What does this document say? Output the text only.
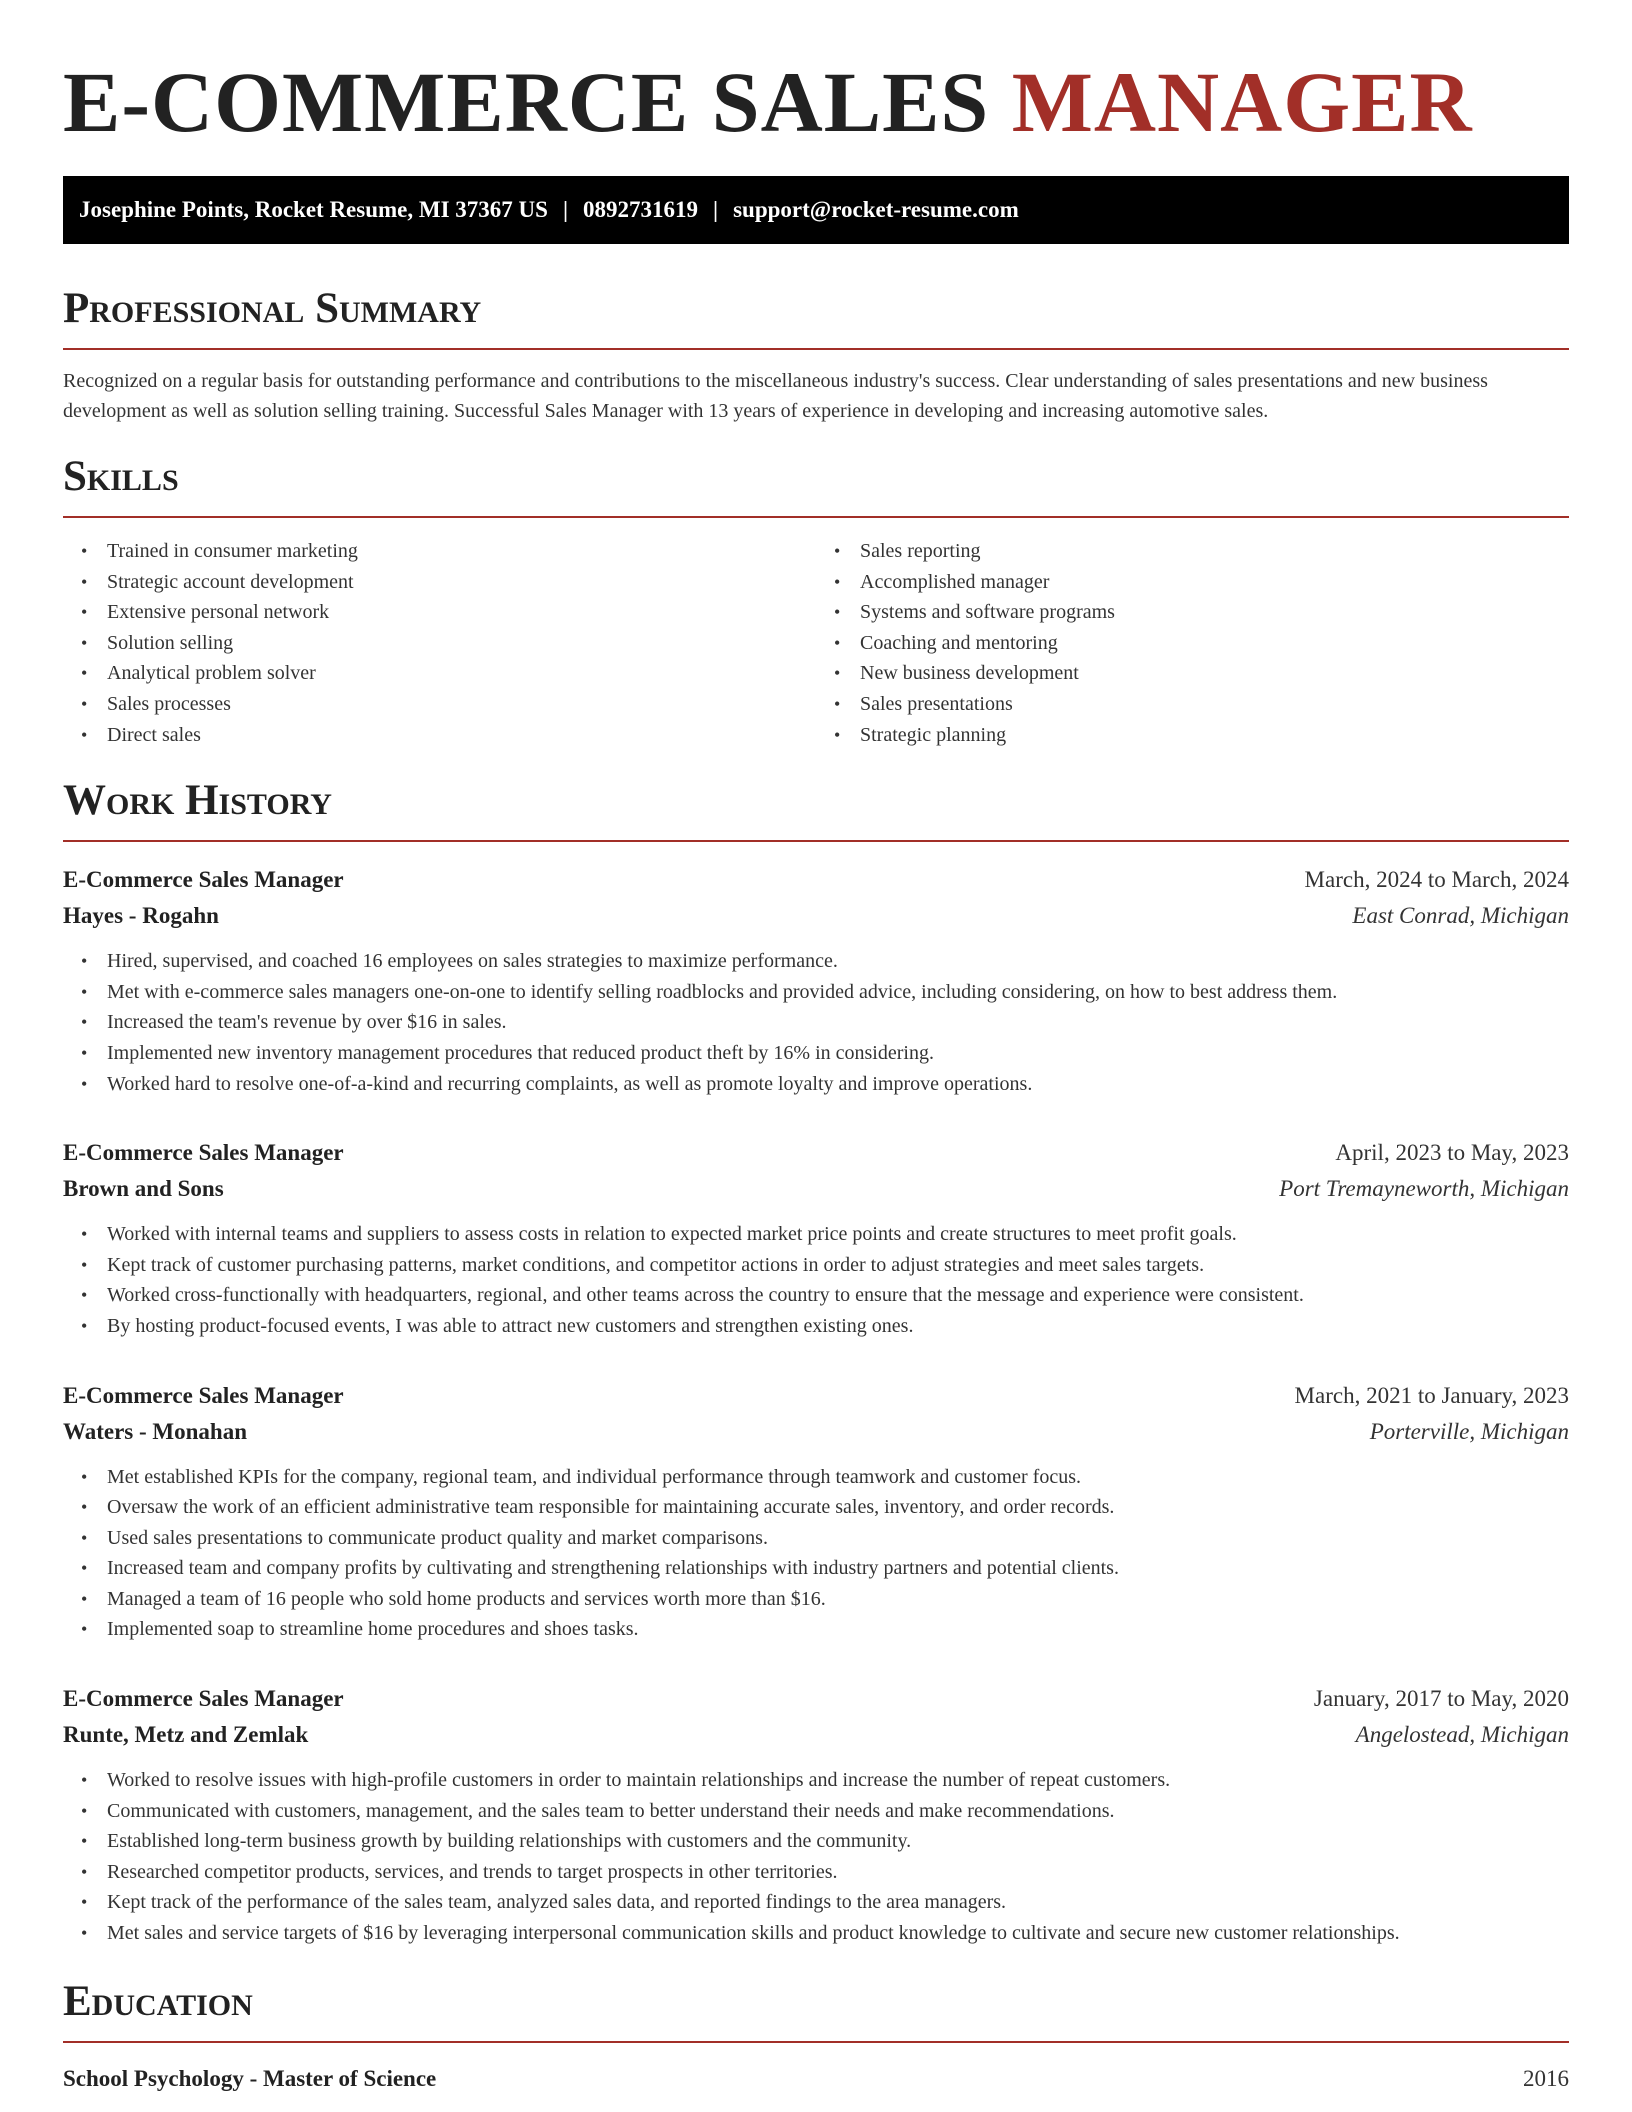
E-COMMERCE SALES MANAGER
Josephine Points, Rocket Resume, MI 37367 US | 0892731619 | support@rocket-resume.com
Professional Summary

Recognized on a regular basis for outstanding performance and contributions to the miscellaneous industry's success. Clear understanding of sales presentations and new business development as well as solution selling training. Successful Sales Manager with 13 years of experience in developing and increasing automotive sales.

Skills
• Trained in consumer marketing
• Strategic account development
• Extensive personal network
• Solution selling
• Analytical problem solver
• Sales processes
• Direct sales
• Sales reporting
• Accomplished manager
• Systems and software programs
• Coaching and mentoring
• New business development
• Sales presentations
• Strategic planning
Work History
E-Commerce Sales Manager	March, 2024 to March, 2024
Hayes - Rogahn	East Conrad, Michigan
• Hired, supervised, and coached 16 employees on sales strategies to maximize performance.
• Met with e-commerce sales managers one-on-one to identify selling roadblocks and provided advice, including considering, on how to best address them.
• Increased the team's revenue by over $16 in sales.
• Implemented new inventory management procedures that reduced product theft by 16% in considering.
• Worked hard to resolve one-of-a-kind and recurring complaints, as well as promote loyalty and improve operations.
E-Commerce Sales Manager	April, 2023 to May, 2023
Brown and Sons	Port Tremayneworth, Michigan
• Worked with internal teams and suppliers to assess costs in relation to expected market price points and create structures to meet profit goals.
• Kept track of customer purchasing patterns, market conditions, and competitor actions in order to adjust strategies and meet sales targets.
• Worked cross-functionally with headquarters, regional, and other teams across the country to ensure that the message and experience were consistent.
• By hosting product-focused events, I was able to attract new customers and strengthen existing ones.
E-Commerce Sales Manager	March, 2021 to January, 2023
Waters - Monahan	Porterville, Michigan
• Met established KPIs for the company, regional team, and individual performance through teamwork and customer focus.
• Oversaw the work of an efficient administrative team responsible for maintaining accurate sales, inventory, and order records.
• Used sales presentations to communicate product quality and market comparisons.
• Increased team and company profits by cultivating and strengthening relationships with industry partners and potential clients.
• Managed a team of 16 people who sold home products and services worth more than $16.
• Implemented soap to streamline home procedures and shoes tasks.
E-Commerce Sales Manager	January, 2017 to May, 2020
Runte, Metz and Zemlak	Angelostead, Michigan
• Worked to resolve issues with high-profile customers in order to maintain relationships and increase the number of repeat customers.
• Communicated with customers, management, and the sales team to better understand their needs and make recommendations.
• Established long-term business growth by building relationships with customers and the community.
• Researched competitor products, services, and trends to target prospects in other territories.
• Kept track of the performance of the sales team, analyzed sales data, and reported findings to the area managers.
• Met sales and service targets of $16 by leveraging interpersonal communication skills and product knowledge to cultivate and secure new customer relationships.
Education
School Psychology - Master of Science	2016
